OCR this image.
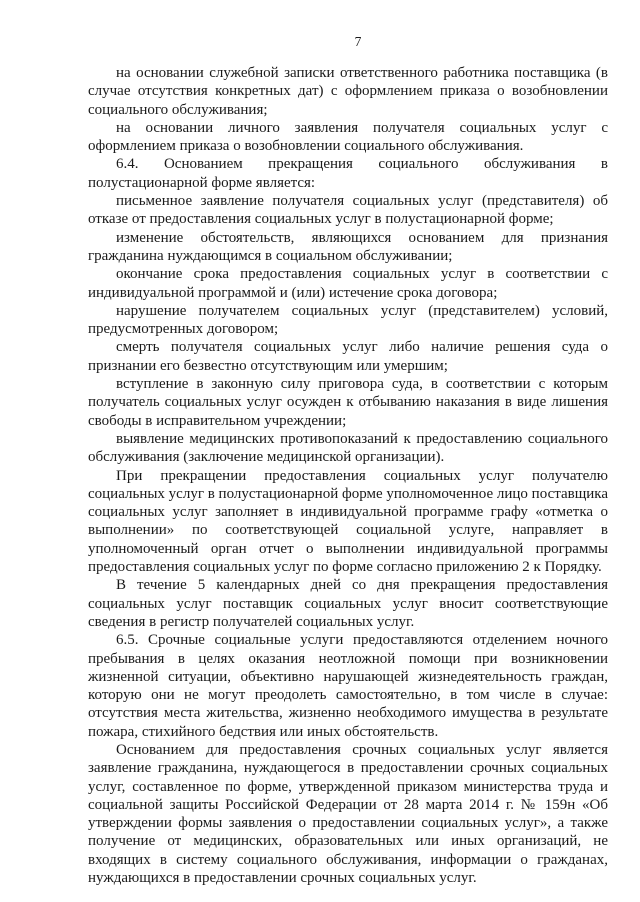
7

на основании служебной записки ответственного работника поставщика (в случае отсутствия конкретных дат) с оформлением приказа о возобновлении социального обслуживания;

на основании личного заявления получателя социальных услуг с оформлением приказа о возобновлении социального обслуживания.

6.4. Основанием прекращения социального обслуживания в полустационарной форме является:

письменное заявление получателя социальных услуг (представителя) об отказе от предоставления социальных услуг в полустационарной форме;

изменение обстоятельств, являющихся основанием для признания гражданина нуждающимся в социальном обслуживании;

окончание срока предоставления социальных услуг в соответствии с индивидуальной программой и (или) истечение срока договора;

нарушение получателем социальных услуг (представителем) условий, предусмотренных договором;

смерть получателя социальных услуг либо наличие решения суда о признании его безвестно отсутствующим или умершим;

вступление в законную силу приговора суда, в соответствии с которым получатель социальных услуг осужден к отбыванию наказания в виде лишения свободы в исправительном учреждении;

выявление медицинских противопоказаний к предоставлению социального обслуживания (заключение медицинской организации).

При прекращении предоставления социальных услуг получателю социальных услуг в полустационарной форме уполномоченное лицо поставщика социальных услуг заполняет в индивидуальной программе графу «отметка о выполнении» по соответствующей социальной услуге, направляет в уполномоченный орган отчет о выполнении индивидуальной программы предоставления социальных услуг по форме согласно приложению 2 к Порядку.

В течение 5 календарных дней со дня прекращения предоставления социальных услуг поставщик социальных услуг вносит соответствующие сведения в регистр получателей социальных услуг.

6.5. Срочные социальные услуги предоставляются отделением ночного пребывания в целях оказания неотложной помощи при возникновении жизненной ситуации, объективно нарушающей жизнедеятельность граждан, которую они не могут преодолеть самостоятельно, в том числе в случае: отсутствия места жительства, жизненно необходимого имущества в результате пожара, стихийного бедствия или иных обстоятельств.

Основанием для предоставления срочных социальных услуг является заявление гражданина, нуждающегося в предоставлении срочных социальных услуг, составленное по форме, утвержденной приказом министерства труда и социальной защиты Российской Федерации от 28 марта 2014 г. № 159н «Об утверждении формы заявления о предоставлении социальных услуг», а также получение от медицинских, образовательных или иных организаций, не входящих в систему социального обслуживания, информации о гражданах, нуждающихся в предоставлении срочных социальных услуг.
